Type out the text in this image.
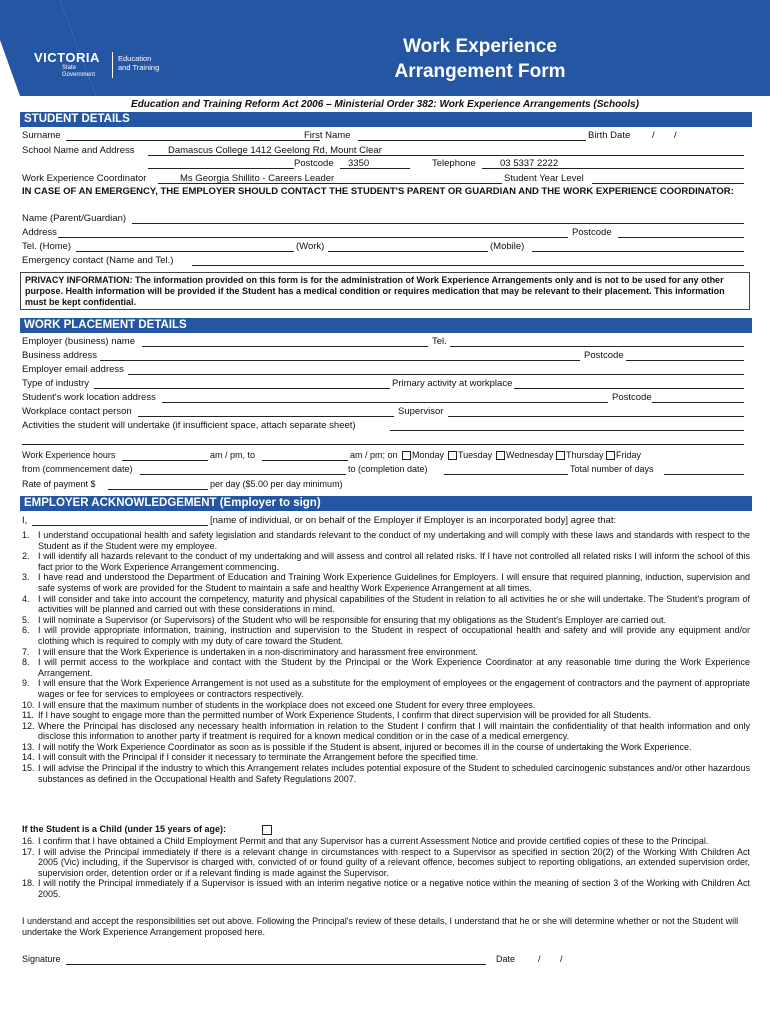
VICTORIA
State
Government
Education
and Training
Work Experience
Arrangement Form
Education and Training Reform Act 2006 – Ministerial Order 382: Work Experience Arrangements (Schools)
STUDENT DETAILS
Surname	First Name	Birth Date / /
School Name and Address	Damascus College 1412 Geelong Rd, Mount Clear
Postcode 3350	Telephone	03 5337 2222
Work Experience Coordinator	Ms Georgia Shillito - Careers Leader	Student Year Level
IN CASE OF AN EMERGENCY, THE EMPLOYER SHOULD CONTACT THE STUDENT'S PARENT OR GUARDIAN AND THE WORK EXPERIENCE COORDINATOR:
Name (Parent/Guardian)
Address	Postcode
Tel. (Home)	(Work)	(Mobile)
Emergency contact (Name and Tel.)
PRIVACY INFORMATION: The information provided on this form is for the administration of Work Experience Arrangements only and is not to be used for any other purpose. Health information will be provided if the Student has a medical condition or requires medication that may be relevant to their placement. This information must be kept confidential.
WORK PLACEMENT DETAILS
Employer (business) name	Tel.
Business address	Postcode
Employer email address
Type of industry	Primary activity at workplace
Student's work location address	Postcode
Workplace contact person	Supervisor
Activities the student will undertake (if insufficient space, attach separate sheet)
Work Experience hours	am / pm, to	am / pm; on	Monday	Tuesday	Wednesday	Thursday	Friday
from (commencement date)	to (completion date)	Total number of days
Rate of payment $	per day ($5.00 per day minimum)
EMPLOYER ACKNOWLEDGEMENT (Employer to sign)
I,	[name of individual, or on behalf of the Employer if Employer is an incorporated body] agree that:
1. I understand occupational health and safety legislation and standards relevant to the conduct of my undertaking and will comply with these laws and standards with respect to the Student as if the Student were my employee.
2. I will identify all hazards relevant to the conduct of my undertaking and will assess and control all related risks. If I have not controlled all related risks I will inform the school of this fact prior to the Work Experience Arrangement commencing.
3. I have read and understood the Department of Education and Training Work Experience Guidelines for Employers. I will ensure that required planning, induction, supervision and safe systems of work are provided for the Student to maintain a safe and healthy Work Experience Arrangement at all times.
4. I will consider and take into account the competency, maturity and physical capabilities of the Student in relation to all activities he or she will undertake. The Student's program of activities will be planned and carried out with these considerations in mind.
5. I will nominate a Supervisor (or Supervisors) of the Student who will be responsible for ensuring that my obligations as the Student's Employer are carried out.
6. I will provide appropriate information, training, instruction and supervision to the Student in respect of occupational health and safety and will provide any equipment and/or clothing which is required to comply with my duty of care toward the Student.
7. I will ensure that the Work Experience is undertaken in a non-discriminatory and harassment free environment.
8. I will permit access to the workplace and contact with the Student by the Principal or the Work Experience Coordinator at any reasonable time during the Work Experience Arrangement.
9. I will ensure that the Work Experience Arrangement is not used as a substitute for the employment of employees or the engagement of contractors and the payment of appropriate wages or fee for services to employees or contractors respectively.
10. I will ensure that the maximum number of students in the workplace does not exceed one Student for every three employees.
11. If I have sought to engage more than the permitted number of Work Experience Students, I confirm that direct supervision will be provided for all Students.
12. Where the Principal has disclosed any necessary health information in relation to the Student I confirm that I will maintain the confidentiality of that health information and only disclose this information to another party if treatment is required for a known medical condition or in the case of a medical emergency.
13. I will notify the Work Experience Coordinator as soon as is possible if the Student is absent, injured or becomes ill in the course of undertaking the Work Experience.
14. I will consult with the Principal if I consider it necessary to terminate the Arrangement before the specified time.
15. I will advise the Principal if the industry to which this Arrangement relates includes potential exposure of the Student to scheduled carcinogenic substances and/or other hazardous substances as defined in the Occupational Health and Safety Regulations 2007.
If the Student is a Child (under 15 years of age):
16. I confirm that I have obtained a Child Employment Permit and that any Supervisor has a current Assessment Notice and provide certified copies of these to the Principal.
17. I will advise the Principal immediately if there is a relevant change in circumstances with respect to a Supervisor as specified in section 20(2) of the Working With Children Act 2005 (Vic) including, if the Supervisor is charged with, convicted of or found guilty of a relevant offence, becomes subject to reporting obligations, an extended supervision order, supervision order, detention order or if a relevant finding is made against the Supervisor.
18. I will notify the Principal immediately if a Supervisor is issued with an interim negative notice or a negative notice within the meaning of section 3 of the Working with Children Act 2005.
I understand and accept the responsibilities set out above. Following the Principal's review of these details, I understand that he or she will determine whether or not the Student will undertake the Work Experience Arrangement proposed here.
Signature	Date	/ /
